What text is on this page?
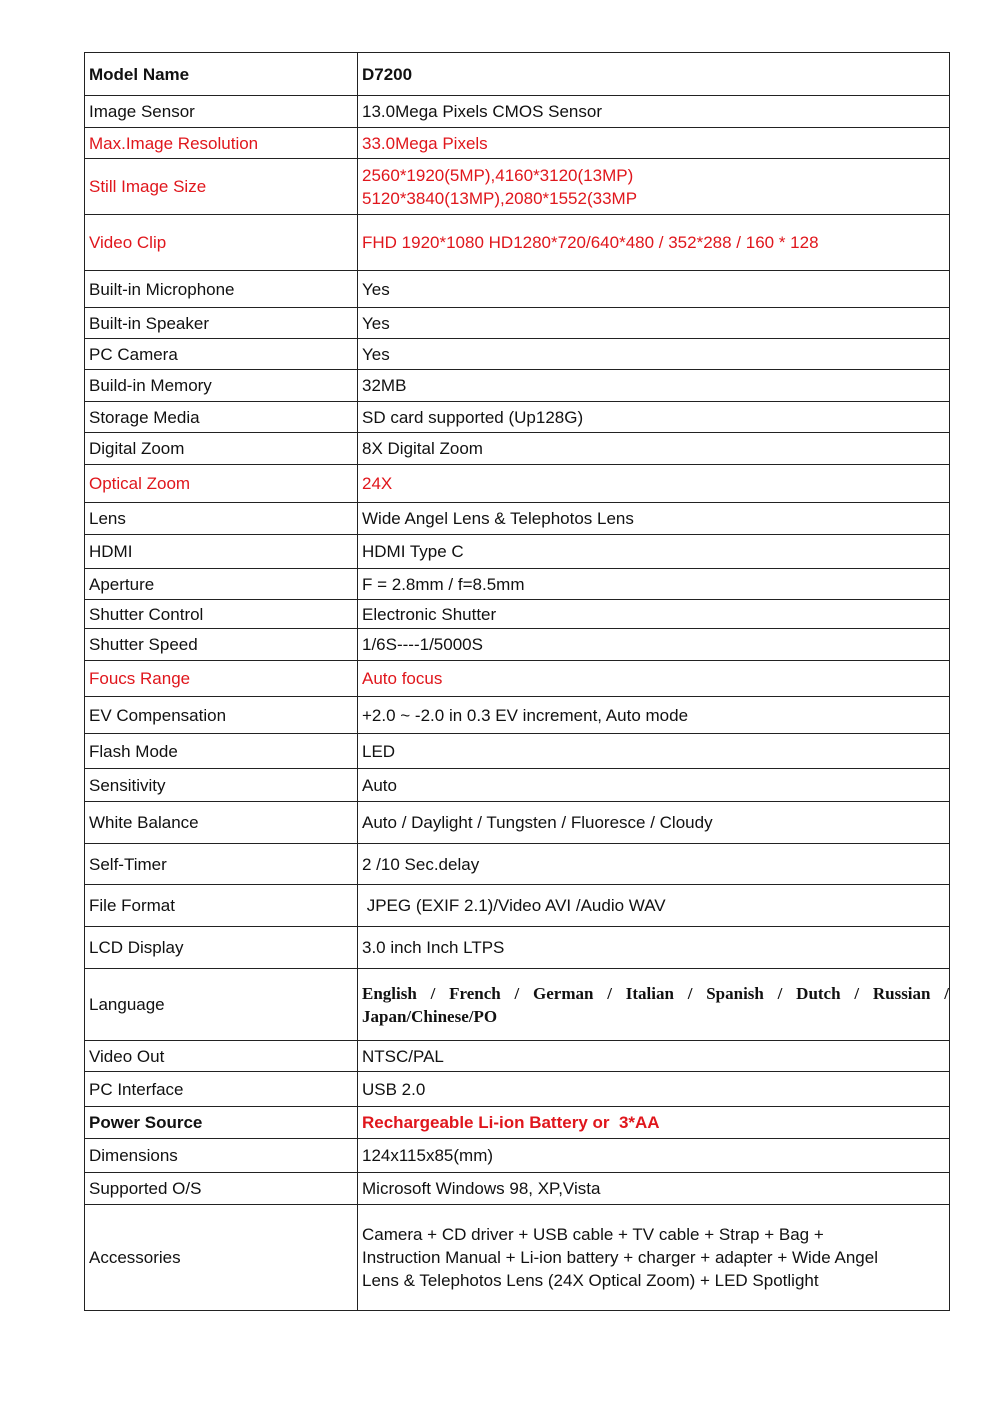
Model Name	D7200
Image Sensor	13.0Mega Pixels CMOS Sensor
Max.Image Resolution	33.0Mega Pixels
Still Image Size	2560*1920(5MP),4160*3120(13MP)
5120*3840(13MP),2080*1552(33MP

Video Clip	FHD 1920*1080 HD1280*720/640*480 / 352*288 / 160 * 128
Built-in Microphone	Yes
Built-in Speaker	Yes
PC Camera	Yes
Build-in Memory	32MB
Storage Media	SD card supported (Up128G)
Digital Zoom	8X Digital Zoom
Optical Zoom	24X
Lens	Wide Angel Lens & Telephotos Lens
HDMI	HDMI Type C
Aperture	F = 2.8mm / f=8.5mm
Shutter Control	Electronic Shutter
Shutter Speed	1/6S----1/5000S
Foucs Range	Auto focus
EV Compensation	+2.0 ~ -2.0 in 0.3 EV increment, Auto mode
Flash Mode	LED
Sensitivity	Auto
White Balance	Auto / Daylight / Tungsten / Fluoresce / Cloudy
Self-Timer	2 /10 Sec.delay
File Format	JPEG (EXIF 2.1)/Video AVI /Audio WAV
LCD Display	3.0 inch Inch LTPS
Language	English / French / German / Italian / Spanish / Dutch / Russian / Japan/Chinese/PO
Video Out	NTSC/PAL
PC Interface	USB 2.0
Power Source	Rechargeable Li-ion Battery or  3*AA
Dimensions	124x115x85(mm)
Supported O/S	Microsoft Windows 98, XP,Vista
Accessories	Camera + CD driver + USB cable + TV cable + Strap + Bag +
Instruction Manual + Li-ion battery + charger + adapter + Wide Angel
Lens & Telephotos Lens (24X Optical Zoom) + LED Spotlight
